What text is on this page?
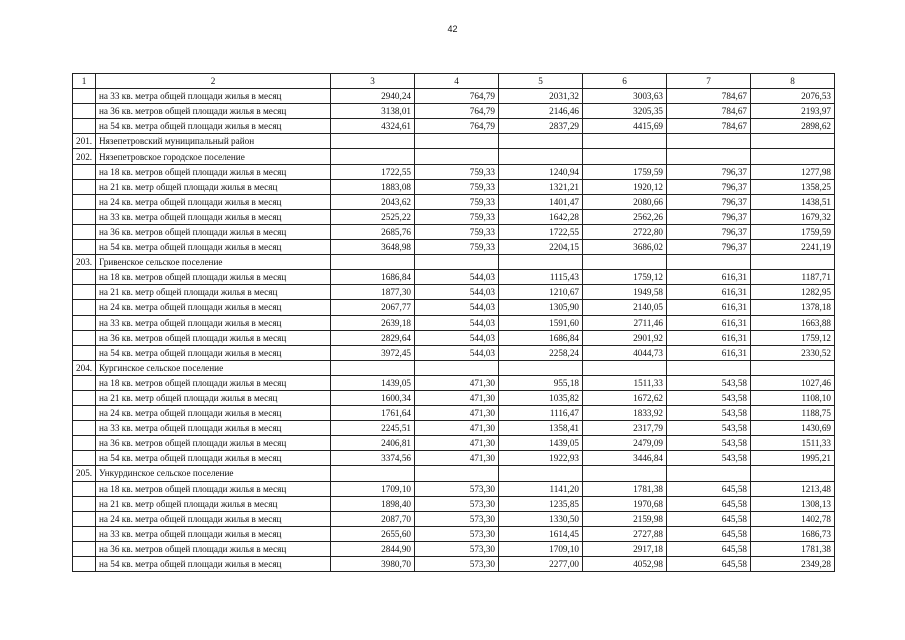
42
1	2	3	4	5	6	7	8
	на 33 кв. метра общей площади жилья в месяц	2940,24	764,79	2031,32	3003,63	784,67	2076,53
	на 36 кв. метров общей площади жилья в месяц	3138,01	764,79	2146,46	3205,35	784,67	2193,97
	на 54 кв. метра общей площади жилья в месяц	4324,61	764,79	2837,29	4415,69	784,67	2898,62
201.	Нязепетровский муниципальный район						
202.	Нязепетровское городское поселение						
	на 18 кв. метров общей площади жилья в месяц	1722,55	759,33	1240,94	1759,59	796,37	1277,98
	на 21 кв. метр общей площади жилья в месяц	1883,08	759,33	1321,21	1920,12	796,37	1358,25
	на 24 кв. метра общей площади жилья в месяц	2043,62	759,33	1401,47	2080,66	796,37	1438,51
	на 33 кв. метра общей площади жилья в месяц	2525,22	759,33	1642,28	2562,26	796,37	1679,32
	на 36 кв. метров общей площади жилья в месяц	2685,76	759,33	1722,55	2722,80	796,37	1759,59
	на 54 кв. метра общей площади жилья в месяц	3648,98	759,33	2204,15	3686,02	796,37	2241,19
203.	Гривенское сельское поселение						
	на 18 кв. метров общей площади жилья в месяц	1686,84	544,03	1115,43	1759,12	616,31	1187,71
	на 21 кв. метр общей площади жилья в месяц	1877,30	544,03	1210,67	1949,58	616,31	1282,95
	на 24 кв. метра общей площади жилья в месяц	2067,77	544,03	1305,90	2140,05	616,31	1378,18
	на 33 кв. метра общей площади жилья в месяц	2639,18	544,03	1591,60	2711,46	616,31	1663,88
	на 36 кв. метров общей площади жилья в месяц	2829,64	544,03	1686,84	2901,92	616,31	1759,12
	на 54 кв. метра общей площади жилья в месяц	3972,45	544,03	2258,24	4044,73	616,31	2330,52
204.	Кургинское сельское поселение						
	на 18 кв. метров общей площади жилья в месяц	1439,05	471,30	955,18	1511,33	543,58	1027,46
	на 21 кв. метр общей площади жилья в месяц	1600,34	471,30	1035,82	1672,62	543,58	1108,10
	на 24 кв. метра общей площади жилья в месяц	1761,64	471,30	1116,47	1833,92	543,58	1188,75
	на 33 кв. метра общей площади жилья в месяц	2245,51	471,30	1358,41	2317,79	543,58	1430,69
	на 36 кв. метров общей площади жилья в месяц	2406,81	471,30	1439,05	2479,09	543,58	1511,33
	на 54 кв. метра общей площади жилья в месяц	3374,56	471,30	1922,93	3446,84	543,58	1995,21
205.	Ункурдинское сельское поселение						
	на 18 кв. метров общей площади жилья в месяц	1709,10	573,30	1141,20	1781,38	645,58	1213,48
	на 21 кв. метр общей площади жилья в месяц	1898,40	573,30	1235,85	1970,68	645,58	1308,13
	на 24 кв. метра общей площади жилья в месяц	2087,70	573,30	1330,50	2159,98	645,58	1402,78
	на 33 кв. метра общей площади жилья в месяц	2655,60	573,30	1614,45	2727,88	645,58	1686,73
	на 36 кв. метров общей площади жилья в месяц	2844,90	573,30	1709,10	2917,18	645,58	1781,38
	на 54 кв. метра общей площади жилья в месяц	3980,70	573,30	2277,00	4052,98	645,58	2349,28
